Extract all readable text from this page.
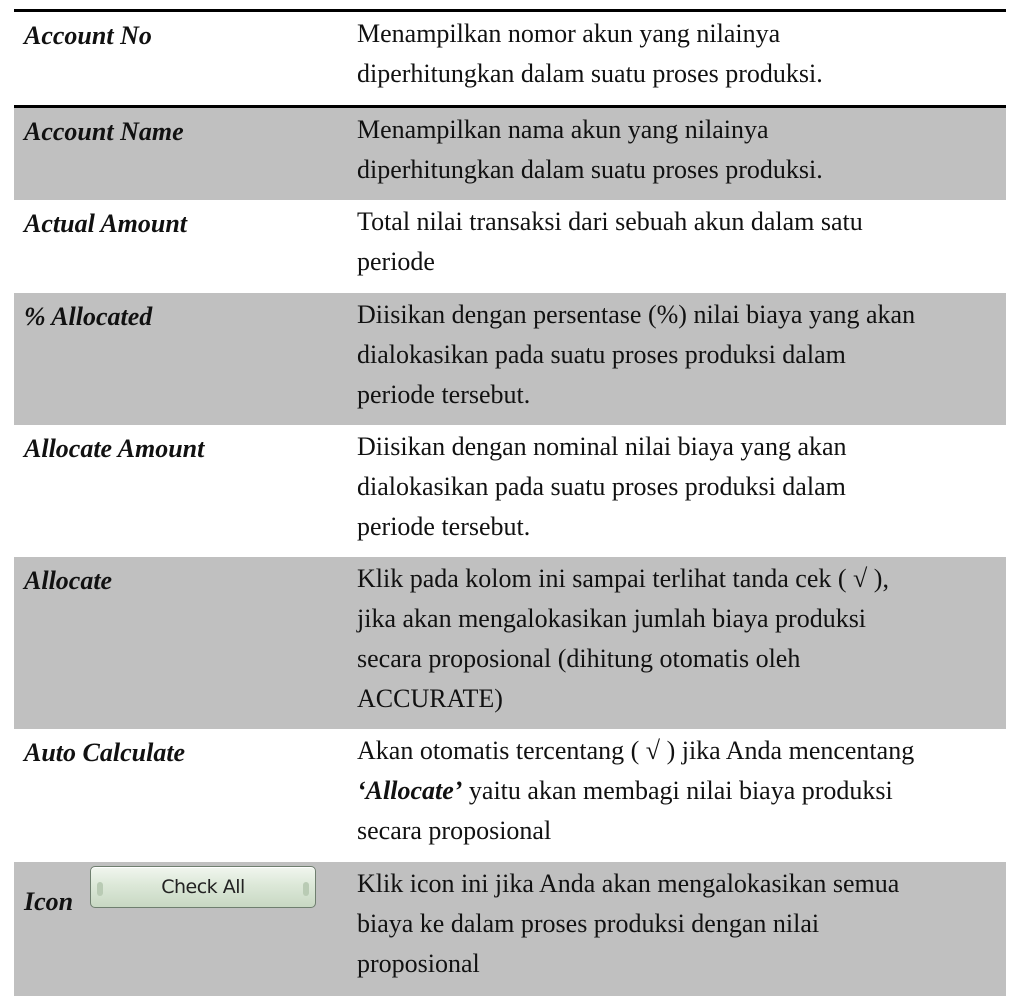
Account No	Menampilkan nomor akun yang nilainya
diperhitungkan dalam suatu proses produksi.
Account Name	Menampilkan nama akun yang nilainya
diperhitungkan dalam suatu proses produksi.
Actual Amount	Total nilai transaksi dari sebuah akun dalam satu
periode
% Allocated	Diisikan dengan persentase (%) nilai biaya yang akan
dialokasikan pada suatu proses produksi dalam
periode tersebut.
Allocate Amount	Diisikan dengan nominal nilai biaya yang akan
dialokasikan pada suatu proses produksi dalam
periode tersebut.
Allocate	Klik pada kolom ini sampai terlihat tanda cek ( √ ),
jika akan mengalokasikan jumlah biaya produksi
secara proposional (dihitung otomatis oleh
ACCURATE)
Auto Calculate	Akan otomatis tercentang ( √ ) jika Anda mencentang
‘Allocate’ yaitu akan membagi nilai biaya produksi
secara proposional
Icon	Check All	Klik icon ini jika Anda akan mengalokasikan semua
biaya ke dalam proses produksi dengan nilai
proposional
